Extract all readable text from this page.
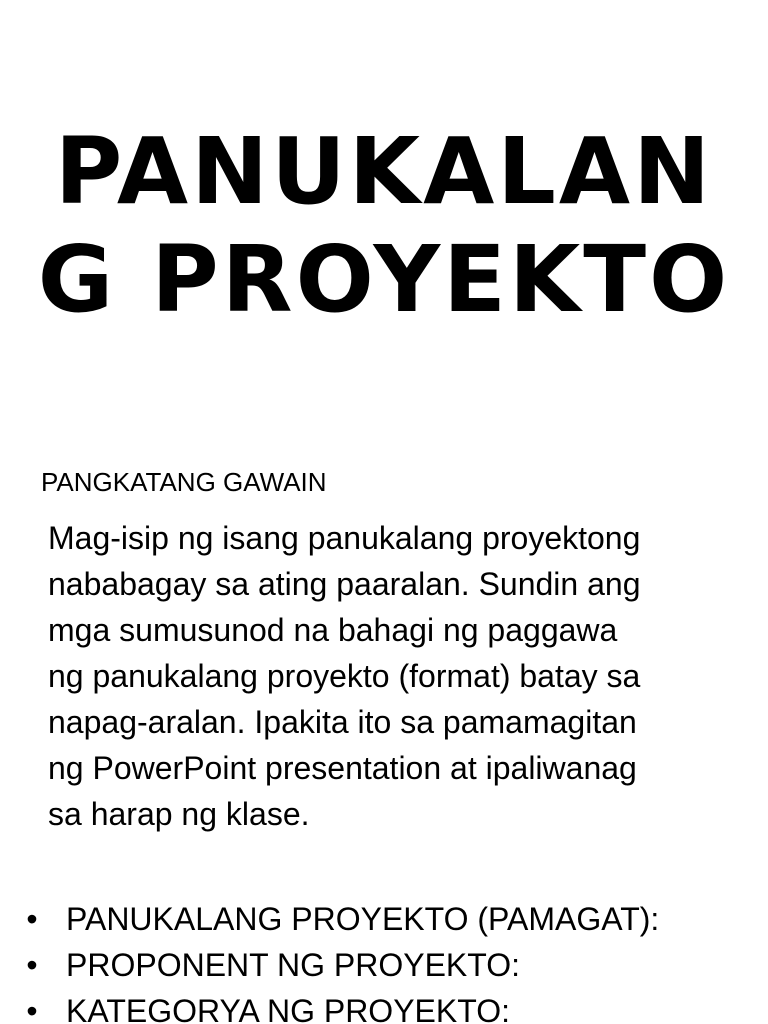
PANUKALAN
G PROYEKTO

PANGKATANG GAWAIN

Mag-isip ng isang panukalang proyektong
nababagay sa ating paaralan. Sundin ang
mga sumusunod na bahagi ng paggawa
ng panukalang proyekto (format) batay sa
napag-aralan. Ipakita ito sa pamamagitan
ng PowerPoint presentation at ipaliwanag
sa harap ng klase.

• PANUKALANG PROYEKTO (PAMAGAT):
• PROPONENT NG PROYEKTO:
• KATEGORYA NG PROYEKTO:
